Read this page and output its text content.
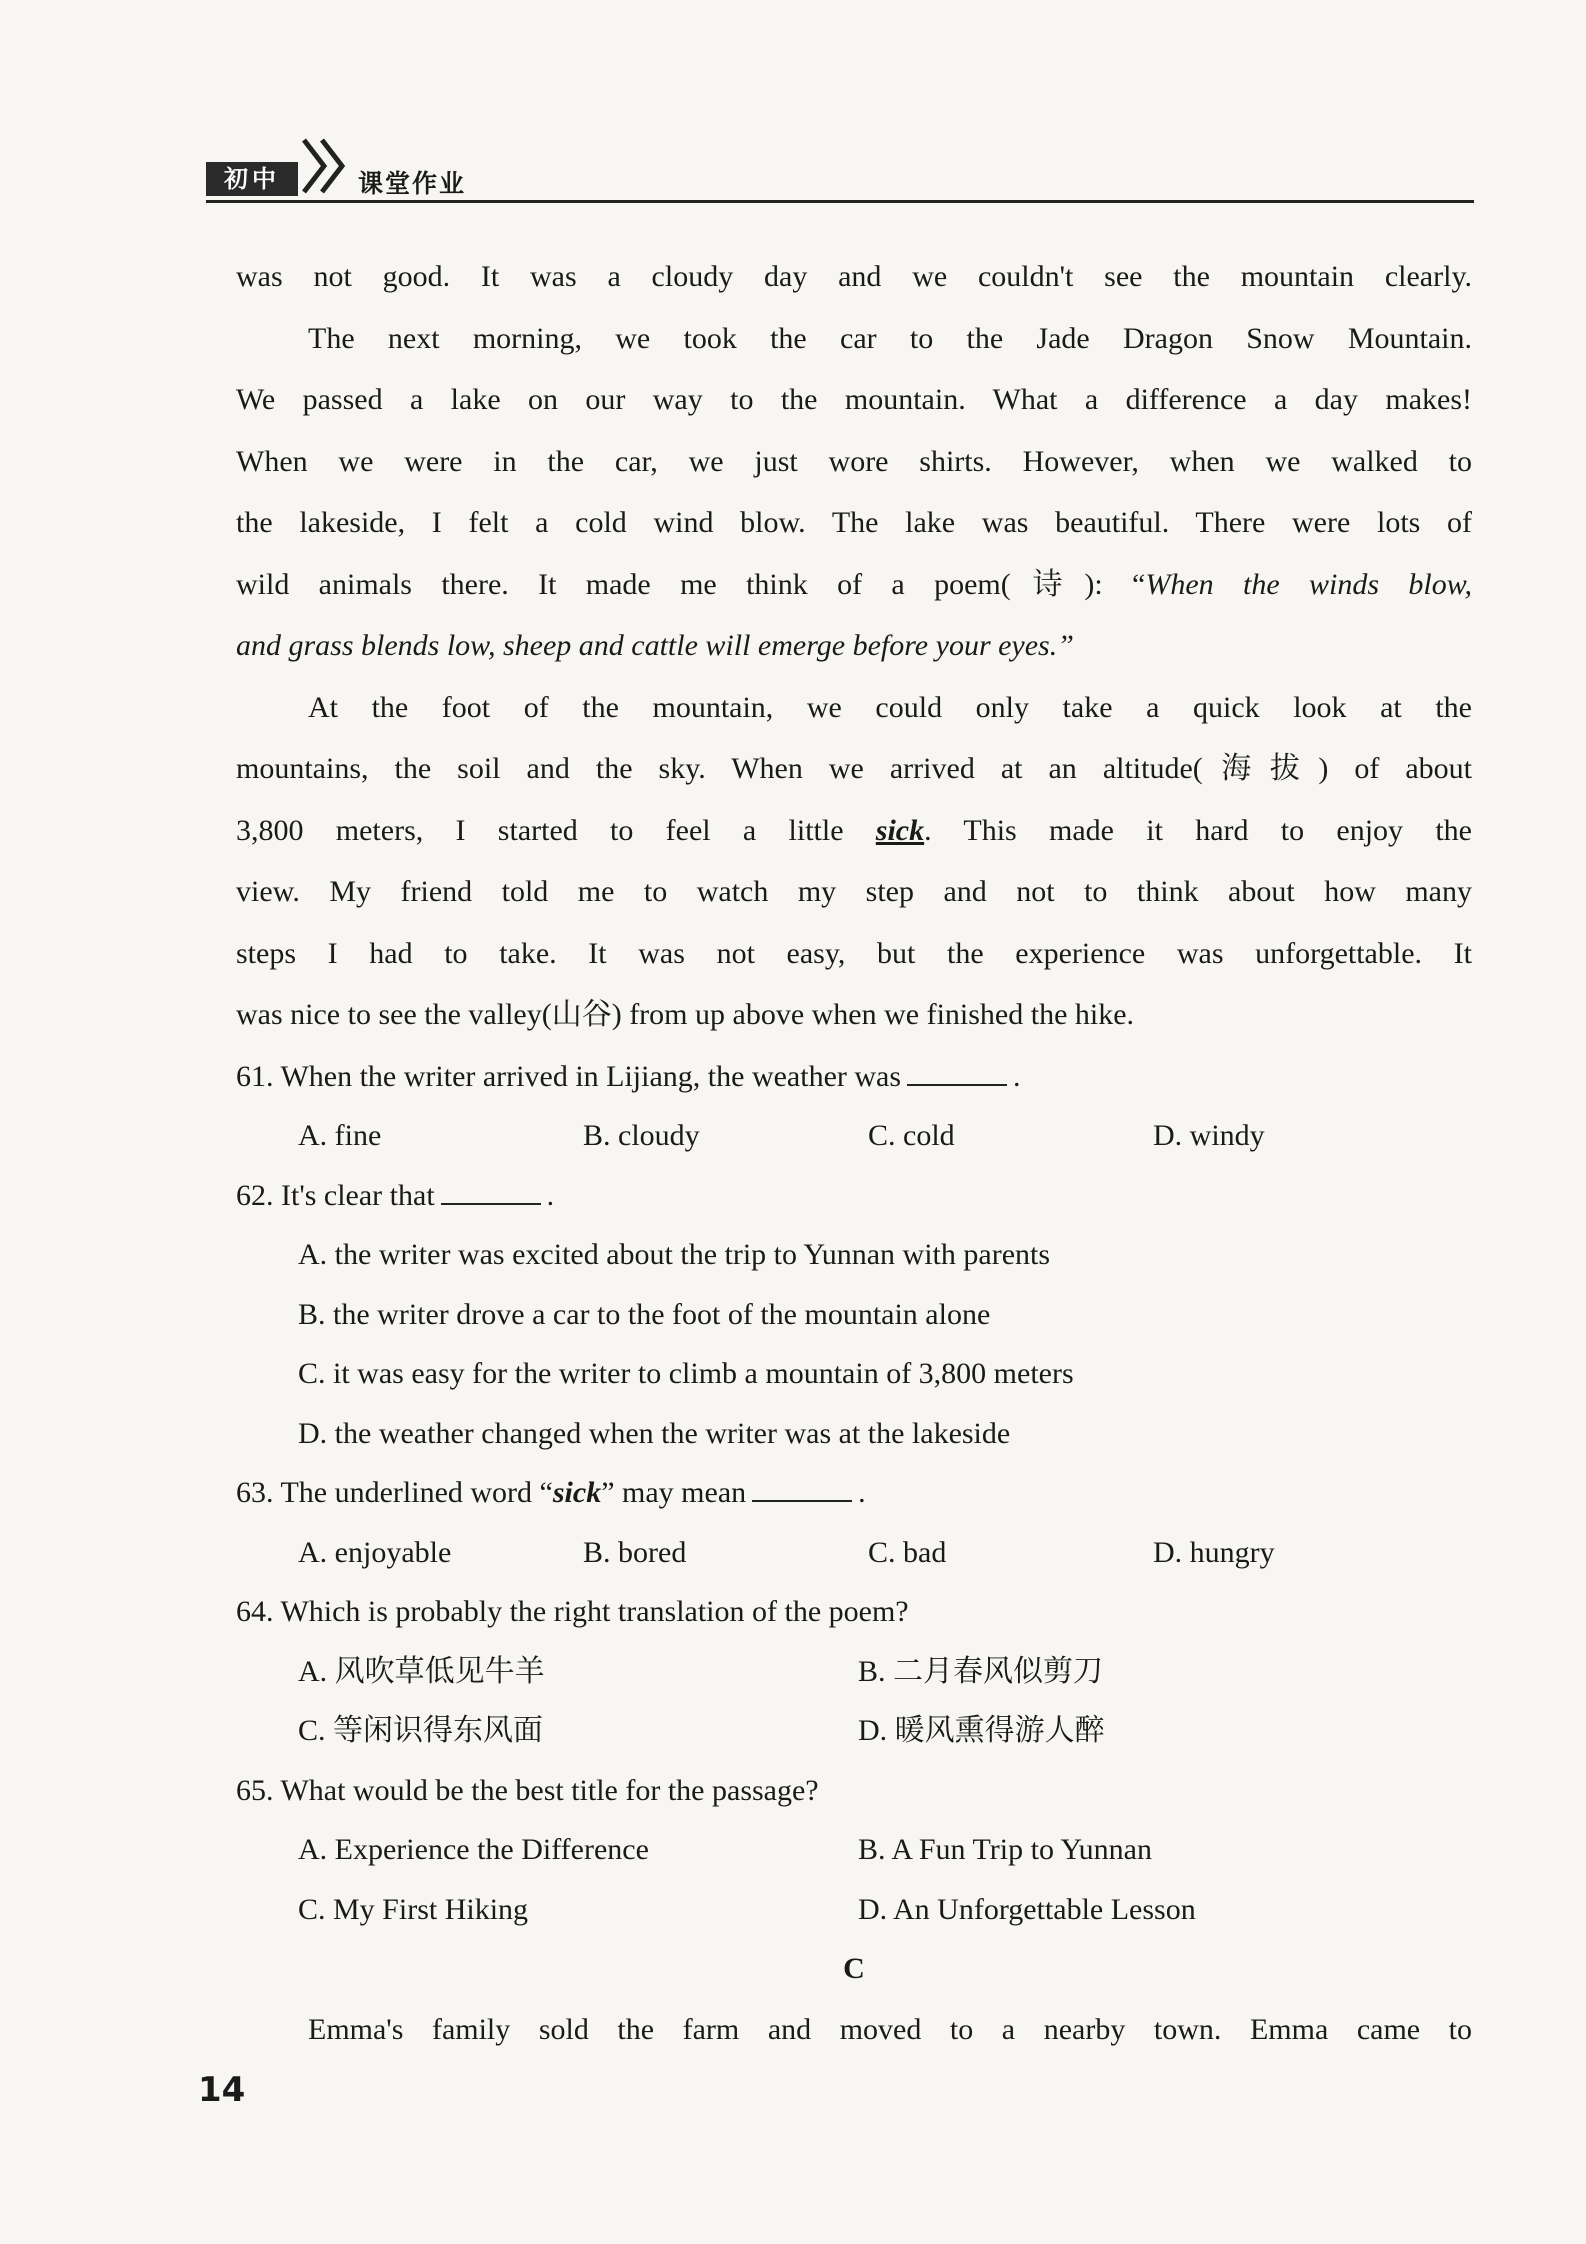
初中	课堂作业
was not good. It was a cloudy day and we couldn't see the mountain clearly.
The next morning, we took the car to the Jade Dragon Snow Mountain.
We passed a lake on our way to the mountain. What a difference a day makes!
When we were in the car, we just wore shirts. However, when we walked to
the lakeside, I felt a cold wind blow. The lake was beautiful. There were lots of
wild animals there. It made me think of a poem(诗): “When the winds blow,
and grass blends low, sheep and cattle will emerge before your eyes.”
At the foot of the mountain, we could only take a quick look at the
mountains, the soil and the sky. When we arrived at an altitude(海拔) of about
3,800 meters, I started to feel a little sick. This made it hard to enjoy the
view. My friend told me to watch my step and not to think about how many
steps I had to take. It was not easy, but the experience was unforgettable. It
was nice to see the valley(山谷) from up above when we finished the hike.
61. When the writer arrived in Lijiang, the weather was	.
A. fine	B. cloudy	C. cold	D. windy
62. It's clear that	.
A. the writer was excited about the trip to Yunnan with parents
B. the writer drove a car to the foot of the mountain alone
C. it was easy for the writer to climb a mountain of 3,800 meters
D. the weather changed when the writer was at the lakeside
63. The underlined word “sick” may mean	.
A. enjoyable	B. bored	C. bad	D. hungry
64. Which is probably the right translation of the poem?
A. 风吹草低见牛羊	B. 二月春风似剪刀
C. 等闲识得东风面	D. 暖风熏得游人醉
65. What would be the best title for the passage?
A. Experience the Difference	B. A Fun Trip to Yunnan
C. My First Hiking	D. An Unforgettable Lesson
C
Emma's family sold the farm and moved to a nearby town. Emma came to
14
